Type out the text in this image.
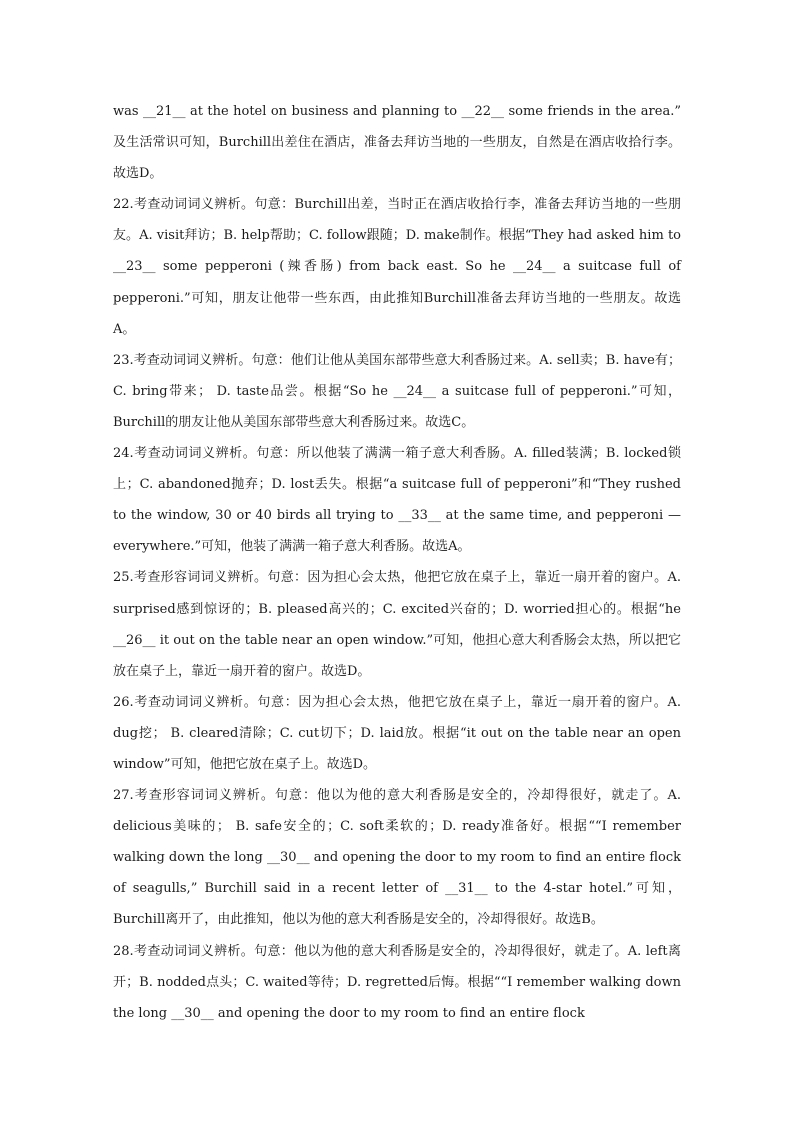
was __21__ at the hotel on business and planning to __22__ some friends in the area.” 及生活常识可知，Burchill出差住在酒店，准备去拜访当地的一些朋友，自然是在酒店收拾行李。故选D。

22.考查动词词义辨析。句意：Burchill出差，当时正在酒店收拾行李，准备去拜访当地的一些朋友。A. visit拜访；B. help帮助；C. follow跟随；D. make制作。根据“They had asked him to __23__ some pepperoni (辣香肠) from back east. So he __24__ a suitcase full of pepperoni.”可知，朋友让他带一些东西，由此推知Burchill准备去拜访当地的一些朋友。故选A。

23.考查动词词义辨析。句意：他们让他从美国东部带些意大利香肠过来。A. sell卖；B. have有；C. bring带来； D. taste品尝。根据“So he __24__ a suitcase full of pepperoni.”可知，Burchill的朋友让他从美国东部带些意大利香肠过来。故选C。

24.考查动词词义辨析。句意：所以他装了满满一箱子意大利香肠。A. filled装满；B. locked锁上；C. abandoned抛弃；D. lost丢失。根据“a suitcase full of pepperoni”和“They rushed to the window, 30 or 40 birds all trying to __33__ at the same time, and pepperoni — everywhere.”可知，他装了满满一箱子意大利香肠。故选A。

25.考查形容词词义辨析。句意：因为担心会太热，他把它放在桌子上，靠近一扇开着的窗户。A. surprised感到惊讶的；B. pleased高兴的；C. excited兴奋的；D. worried担心的。根据“he __26__ it out on the table near an open window.”可知，他担心意大利香肠会太热，所以把它放在桌子上，靠近一扇开着的窗户。故选D。

26.考查动词词义辨析。句意：因为担心会太热，他把它放在桌子上，靠近一扇开着的窗户。A. dug挖； B. cleared清除；C. cut切下；D. laid放。根据“it out on the table near an open window”可知，他把它放在桌子上。故选D。

27.考查形容词词义辨析。句意：他以为他的意大利香肠是安全的，冷却得很好，就走了。A. delicious美味的； B. safe安全的；C. soft柔软的；D. ready准备好。根据““I remember walking down the long __30__ and opening the door to my room to find an entire flock of seagulls,” Burchill said in a recent letter of __31__ to the 4-star hotel.”可知，Burchill离开了，由此推知，他以为他的意大利香肠是安全的，冷却得很好。故选B。

28.考查动词词义辨析。句意：他以为他的意大利香肠是安全的，冷却得很好，就走了。A. left离开；B. nodded点头；C. waited等待；D. regretted后悔。根据““I remember walking down the long __30__ and opening the door to my room to find an entire flock
